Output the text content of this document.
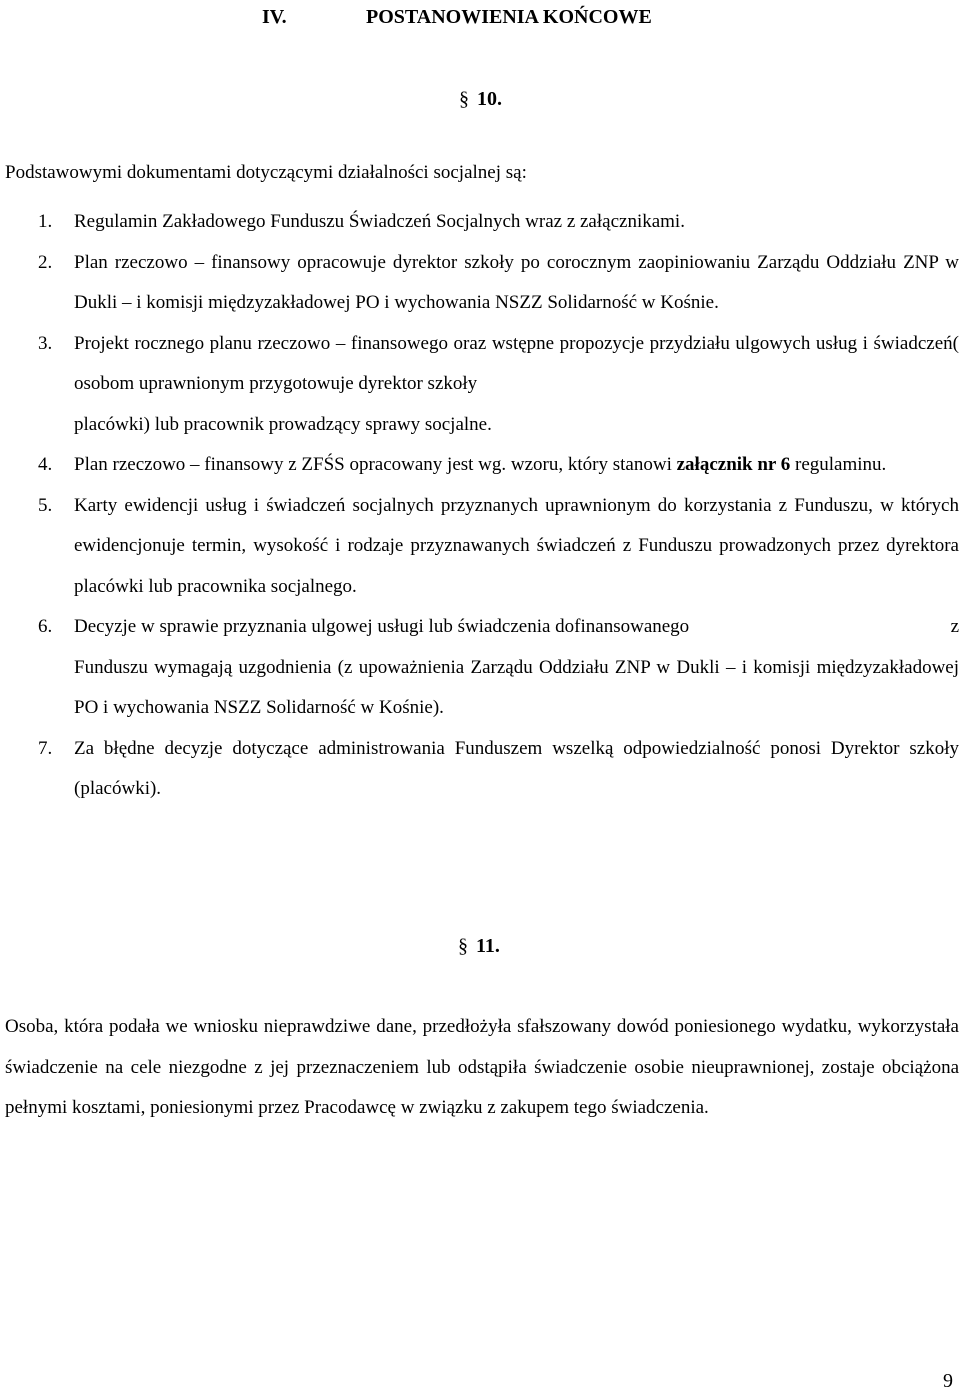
IV.	POSTANOWIENIA KOŃCOWE
§ 10.

Podstawowymi dokumentami dotyczącymi działalności socjalnej są:

1. Regulamin Zakładowego Funduszu Świadczeń Socjalnych wraz z załącznikami.
2. Plan rzeczowo – finansowy opracowuje dyrektor szkoły po corocznym zaopiniowaniu Zarządu Oddziału ZNP w Dukli – i komisji międzyzakładowej PO i wychowania NSZZ Solidarność w Kośnie.
3. Projekt rocznego planu rzeczowo – finansowego oraz wstępne propozycje przydziału ulgowych usług i świadczeń osobom uprawnionym przygotowuje dyrektor szkoły
(
placówki) lub pracownik prowadzący sprawy socjalne.
4. Plan rzeczowo – finansowy z ZFŚS opracowany jest wg. wzoru, który stanowi załącznik nr 6 regulaminu.
5. Karty ewidencji usług i świadczeń socjalnych przyznanych uprawnionym do korzystania z Funduszu, w których ewidencjonuje termin, wysokość i rodzaje przyznawanych świadczeń z Funduszu prowadzonych przez dyrektora placówki lub pracownika socjalnego.
6. Decyzje w sprawie przyznania ulgowej usługi lub świadczenia dofinansowanego	z
Funduszu wymagają uzgodnienia (z upoważnienia Zarządu Oddziału ZNP w Dukli – i komisji międzyzakładowej PO i wychowania NSZZ Solidarność w Kośnie).
7. Za błędne decyzje dotyczące administrowania Funduszem wszelką odpowiedzialność ponosi Dyrektor szkoły (placówki).
§ 11.

Osoba, która podała we wniosku nieprawdziwe dane, przedłożyła sfałszowany dowód poniesionego wydatku, wykorzystała świadczenie na cele niezgodne z jej przeznaczeniem lub odstąpiła świadczenie osobie nieuprawnionej, zostaje obciążona pełnymi kosztami, poniesionymi przez Pracodawcę w związku z zakupem tego świadczenia.

9
